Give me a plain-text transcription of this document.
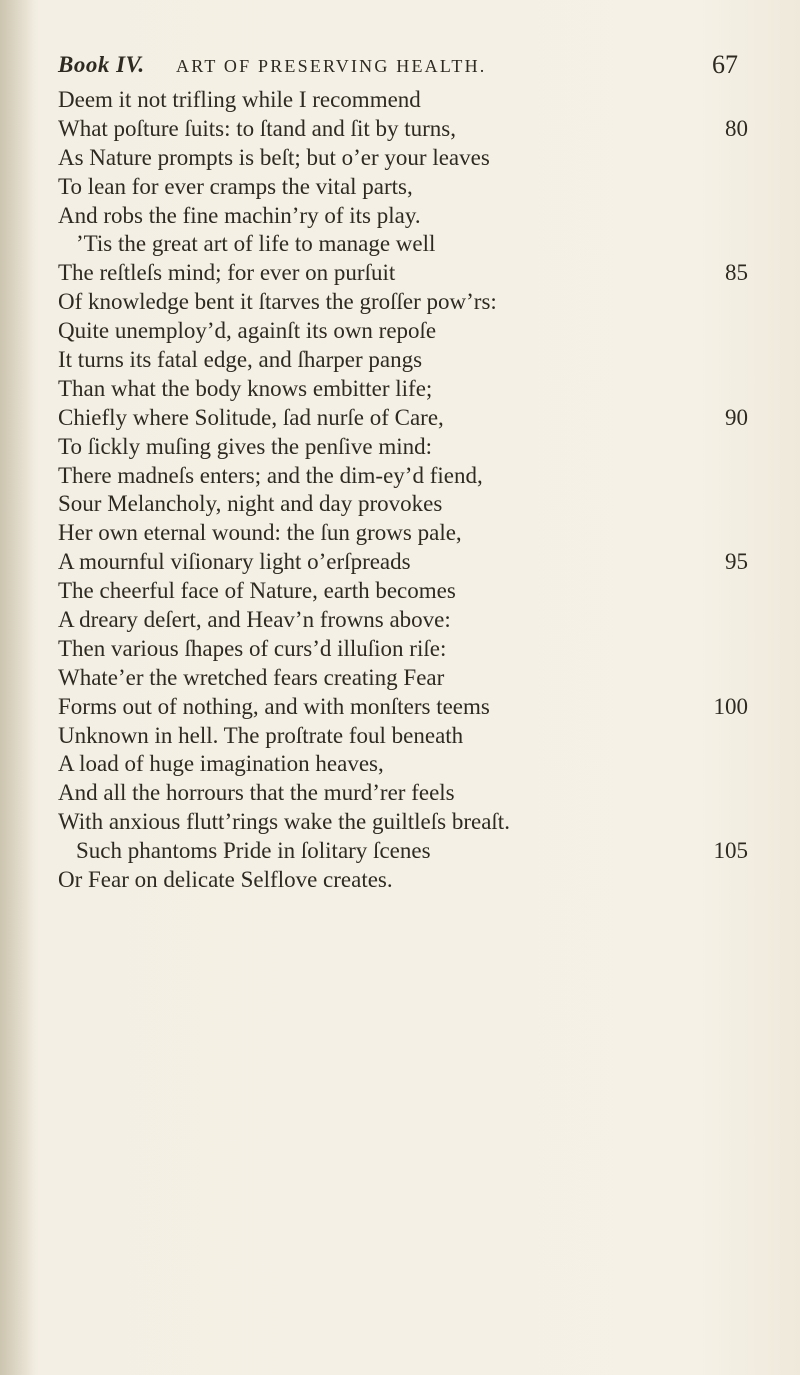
Book IV. ART OF PRESERVING HEALTH.	67
Deem it not trifling while I recommend
What poſture ſuits: to ſtand and ſit by turns,	80
As Nature prompts is beſt; but o’er your leaves
To lean for ever cramps the vital parts,
And robs the fine machin’ry of its play.
’Tis the great art of life to manage well
The reſtleſs mind; for ever on purſuit	85
Of knowledge bent it ſtarves the groſſer pow’rs:
Quite unemploy’d, againſt its own repoſe
It turns its fatal edge, and ſharper pangs
Than what the body knows embitter life;
Chiefly where Solitude, ſad nurſe of Care,	90
To ſickly muſing gives the penſive mind:
There madneſs enters; and the dim-ey’d fiend,
Sour Melancholy, night and day provokes
Her own eternal wound: the ſun grows pale,
A mournful viſionary light o’erſpreads	95
The cheerful face of Nature, earth becomes
A dreary deſert, and Heav’n frowns above:
Then various ſhapes of curs’d illuſion riſe:
Whate’er the wretched fears creating Fear
Forms out of nothing, and with monſters teems	100
Unknown in hell. The proſtrate foul beneath
A load of huge imagination heaves,
And all the horrours that the murd’rer feels
With anxious flutt’rings wake the guiltleſs breaſt.
Such phantoms Pride in ſolitary ſcenes	105
Or Fear on delicate Selflove creates.
